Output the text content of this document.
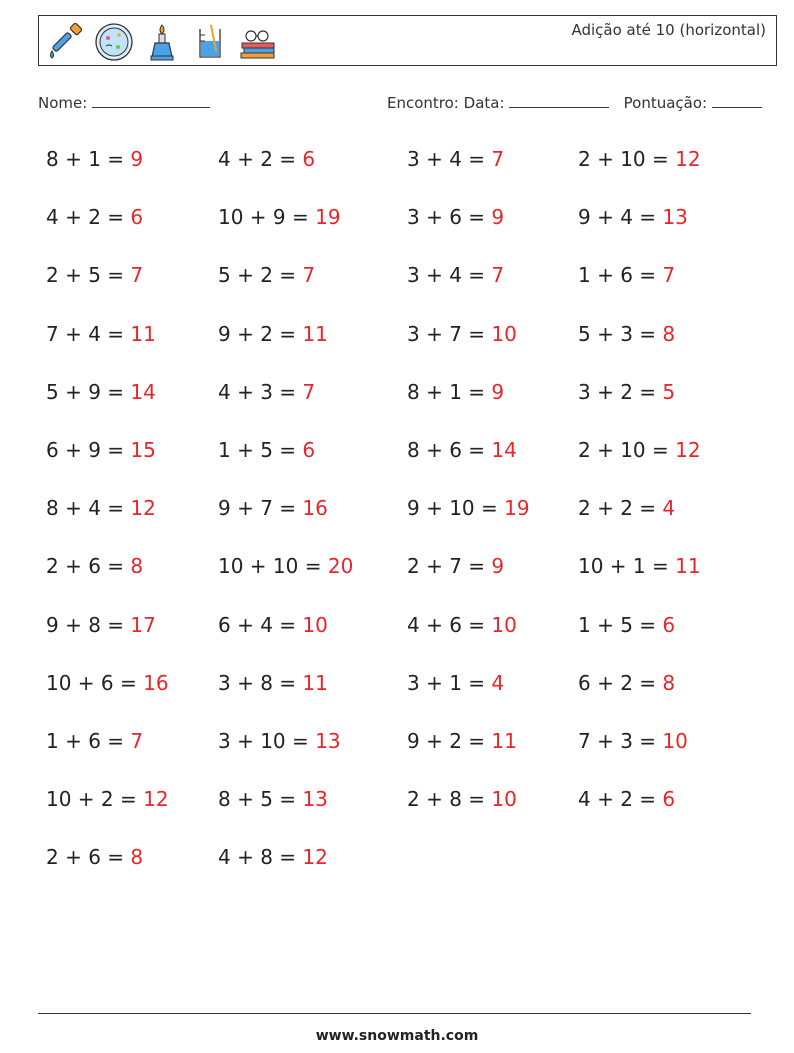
Adição até 10 (horizontal)
Nome:	Encontro: Data:	Pontuação:
8 + 1 = 9	4 + 2 = 6	3 + 4 = 7	2 + 10 = 12
4 + 2 = 6	10 + 9 = 19	3 + 6 = 9	9 + 4 = 13
2 + 5 = 7	5 + 2 = 7	3 + 4 = 7	1 + 6 = 7
7 + 4 = 11	9 + 2 = 11	3 + 7 = 10	5 + 3 = 8
5 + 9 = 14	4 + 3 = 7	8 + 1 = 9	3 + 2 = 5
6 + 9 = 15	1 + 5 = 6	8 + 6 = 14	2 + 10 = 12
8 + 4 = 12	9 + 7 = 16	9 + 10 = 19 2 + 2 = 4
2 + 6 = 8	10 + 10 = 20	2 + 7 = 9	10 + 1 = 11
9 + 8 = 17	6 + 4 = 10	4 + 6 = 10	1 + 5 = 6
10 + 6 = 16 3 + 8 = 11	3 + 1 = 4	6 + 2 = 8
1 + 6 = 7	3 + 10 = 13	9 + 2 = 11	7 + 3 = 10
10 + 2 = 12 8 + 5 = 13	2 + 8 = 10	4 + 2 = 6
2 + 6 = 8	4 + 8 = 12
www.snowmath.com
